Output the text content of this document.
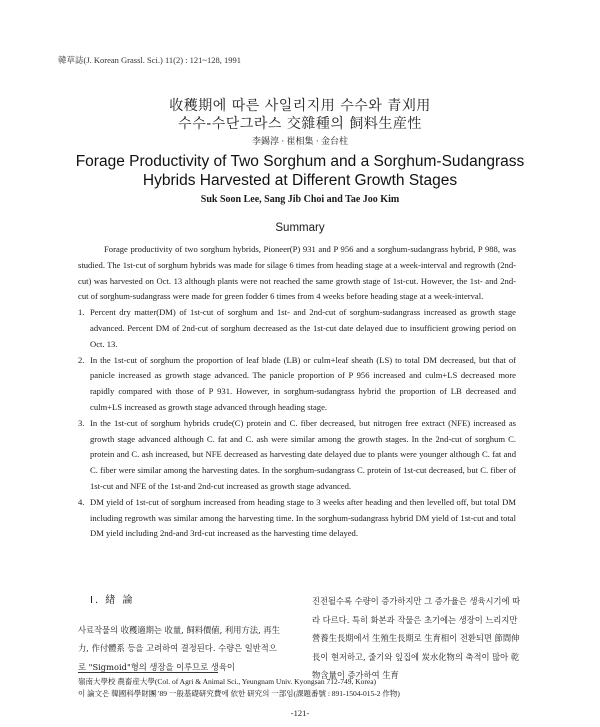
韓草誌(J. Korean Grassl. Sci.) 11(2) : 121~128, 1991
收穫期에 따른 사일리지用 수수와 青刈用
수수-수단그라스 交雜種의 飼料生産性
李錫淳 · 崔相集 · 金台柱
Forage Productivity of Two Sorghum and a Sorghum-Sudangrass
Hybrids Harvested at Different Growth Stages
Suk Soon Lee, Sang Jib Choi and Tae Joo Kim
Summary

Forage productivity of two sorghum hybrids, Pioneer(P) 931 and P 956 and a sorghum-sudangrass hybrid, P 988, was studied. The 1st-cut of sorghum hybrids was made for silage 6 times from heading stage at a week-interval and regrowth (2nd-cut) was harvested on Oct. 13 although plants were not reached the same growth stage of 1st-cut. However, the 1st- and 2nd-cut of sorghum-sudangrass were made for green fodder 6 times from 4 weeks before heading stage at a week-interval.

1. Percent dry matter(DM) of 1st-cut of sorghum and 1st- and 2nd-cut of sorghum-sudangrass increased as growth stage advanced. Percent DM of 2nd-cut of sorghum decreased as the 1st-cut date delayed due to insufficient growing period on Oct. 13.
2. In the 1st-cut of sorghum the proportion of leaf blade (LB) or culm+leaf sheath (LS) to total DM decreased, but that of panicle increased as growth stage advanced. The panicle proportion of P 956 increased and culm+LS decreased more rapidly compared with those of P 931. However, in sorghum-sudangrass hybrid the proportion of LB decreased and culm+LS increased as growth stage advanced through heading stage.
3. In the 1st-cut of sorghum hybrids crude(C) protein and C. fiber decreased, but nitrogen free extract (NFE) increased as growth stage advanced although C. fat and C. ash were similar among the growth stages. In the 2nd-cut of sorghum C. protein and C. ash increased, but NFE decreased as harvesting date delayed due to plants were younger although C. fat and C. fiber were similar among the harvesting dates. In the sorghum-sudangrass C. protein of 1st-cut decreased, but C. fiber of 1st-cut and NFE of the 1st-and 2nd-cut increased as growth stage advanced.
4. DM yield of 1st-cut of sorghum increased from heading stage to 3 weeks after heading and then levelled off, but total DM including regrowth was similar among the harvesting time. In the sorghum-sudangrass hybrid DM yield of 1st-cut and total DM yield including 2nd-and 3rd-cut increased as the harvesting time delayed.
I. 緖 論
사료작물의 收穫適期는 收量, 飼料價値, 利用方法, 再生力, 作付體系 등을 고려하여 결정된다. 수량은 일반적으로 "Sigmoid"형의 생장을 이루므로 생육이
진전될수록 수량이 증가하지만 그 증가율은 생육시기에 따라 다르다. 특히 화본과 작물은 초기에는 생장이 느리지만 營養生長期에서 生殖生長期로 生育相이 전환되면 節間伸長이 현저하고, 줄기와 잎집에 炭水化物의 축적이 많아 乾物含量이 증가하여 生育
嶺南大學校 農畜産大學(Col. of Agri & Animal Sci., Yeungnam Univ. Kyongsan 712-749, Korea)
이 論文은 韓國科學財團 '89 一般基礎研究費에 依한 研究의 一部임(課題番號 : 891-1504-015-2 作物)
-121-
